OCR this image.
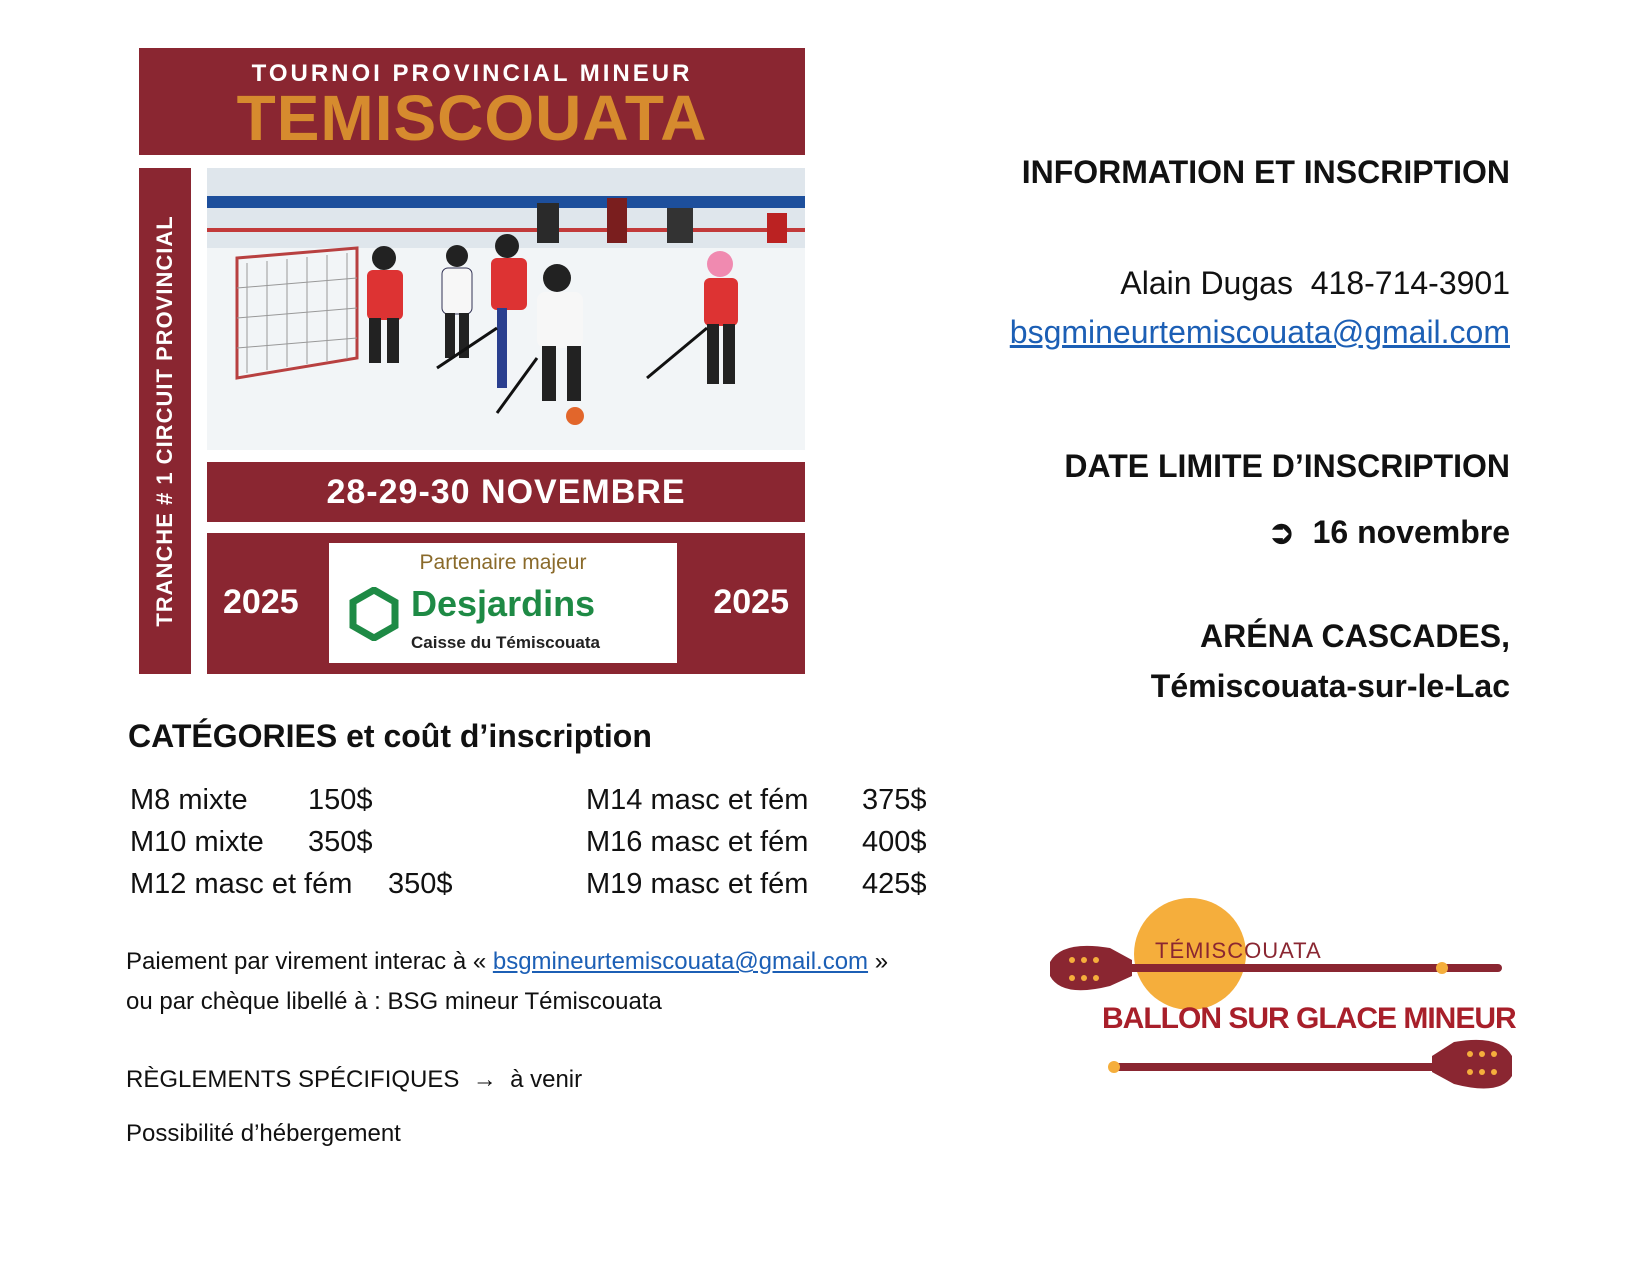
TOURNOI PROVINCIAL MINEUR
TEMISCOUATA
TRANCHE # 1 CIRCUIT PROVINCIAL	28-29-30 NOVEMBRE
2025
Partenaire majeur
Desjardins
Caisse du Témiscouata
2025
INFORMATION ET INSCRIPTION
Alain Dugas 418-714-3901
bsgmineurtemiscouata@gmail.com
DATE LIMITE D’INSCRIPTION
➲ 16 novembre
ARÉNA CASCADES,
Témiscouata-sur-le-Lac
CATÉGORIES et coût d’inscription
M8 mixte 150$
M10 mixte 350$
M12 masc et fém 350$
M14 masc et fém 375$
M16 masc et fém 400$
M19 masc et fém 425$
Paiement par virement interac à « bsgmineurtemiscouata@gmail.com »
ou par chèque libellé à : BSG mineur Témiscouata
RÈGLEMENTS SPÉCIFIQUES → à venir
Possibilité d’hébergement
TÉMISCOUATA
BALLON SUR GLACE MINEUR
